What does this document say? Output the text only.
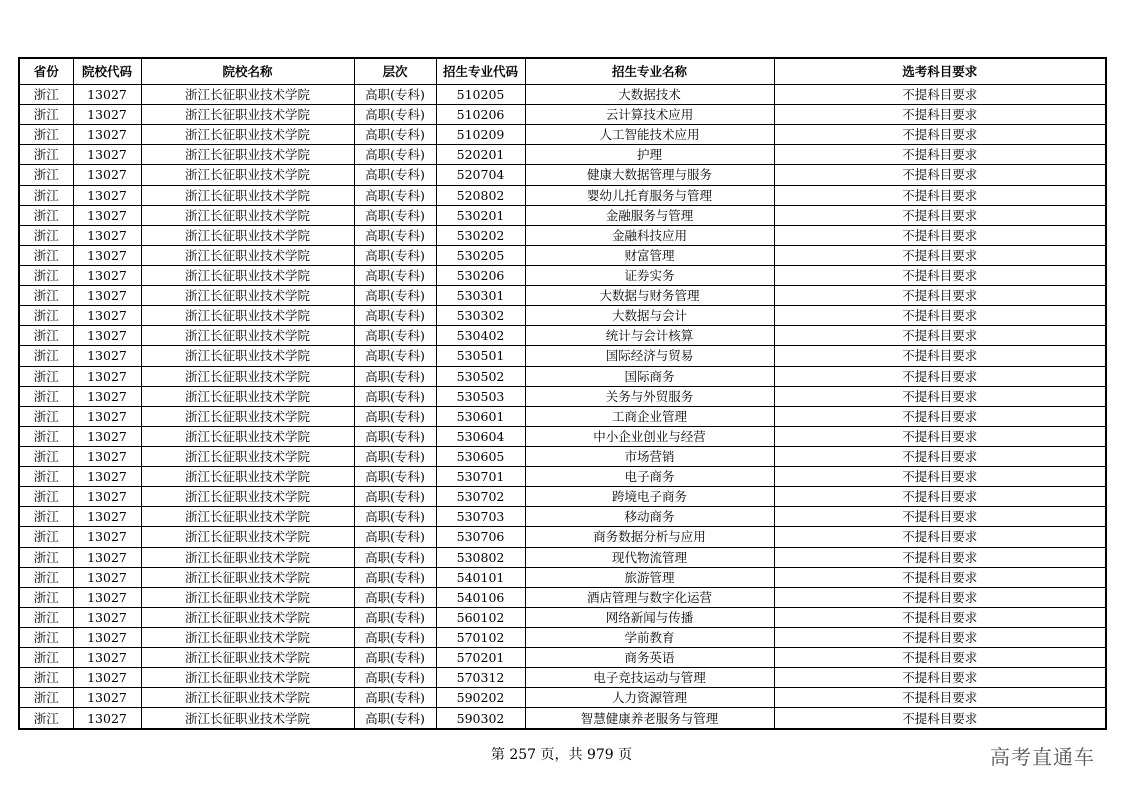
省份	院校代码	院校名称	层次	招生专业代码	招生专业名称	选考科目要求
浙江	13027	浙江长征职业技术学院	高职(专科)	510205	大数据技术	不提科目要求
浙江	13027	浙江长征职业技术学院	高职(专科)	510206	云计算技术应用	不提科目要求
浙江	13027	浙江长征职业技术学院	高职(专科)	510209	人工智能技术应用	不提科目要求
浙江	13027	浙江长征职业技术学院	高职(专科)	520201	护理	不提科目要求
浙江	13027	浙江长征职业技术学院	高职(专科)	520704	健康大数据管理与服务	不提科目要求
浙江	13027	浙江长征职业技术学院	高职(专科)	520802	婴幼儿托育服务与管理	不提科目要求
浙江	13027	浙江长征职业技术学院	高职(专科)	530201	金融服务与管理	不提科目要求
浙江	13027	浙江长征职业技术学院	高职(专科)	530202	金融科技应用	不提科目要求
浙江	13027	浙江长征职业技术学院	高职(专科)	530205	财富管理	不提科目要求
浙江	13027	浙江长征职业技术学院	高职(专科)	530206	证券实务	不提科目要求
浙江	13027	浙江长征职业技术学院	高职(专科)	530301	大数据与财务管理	不提科目要求
浙江	13027	浙江长征职业技术学院	高职(专科)	530302	大数据与会计	不提科目要求
浙江	13027	浙江长征职业技术学院	高职(专科)	530402	统计与会计核算	不提科目要求
浙江	13027	浙江长征职业技术学院	高职(专科)	530501	国际经济与贸易	不提科目要求
浙江	13027	浙江长征职业技术学院	高职(专科)	530502	国际商务	不提科目要求
浙江	13027	浙江长征职业技术学院	高职(专科)	530503	关务与外贸服务	不提科目要求
浙江	13027	浙江长征职业技术学院	高职(专科)	530601	工商企业管理	不提科目要求
浙江	13027	浙江长征职业技术学院	高职(专科)	530604	中小企业创业与经营	不提科目要求
浙江	13027	浙江长征职业技术学院	高职(专科)	530605	市场营销	不提科目要求
浙江	13027	浙江长征职业技术学院	高职(专科)	530701	电子商务	不提科目要求
浙江	13027	浙江长征职业技术学院	高职(专科)	530702	跨境电子商务	不提科目要求
浙江	13027	浙江长征职业技术学院	高职(专科)	530703	移动商务	不提科目要求
浙江	13027	浙江长征职业技术学院	高职(专科)	530706	商务数据分析与应用	不提科目要求
浙江	13027	浙江长征职业技术学院	高职(专科)	530802	现代物流管理	不提科目要求
浙江	13027	浙江长征职业技术学院	高职(专科)	540101	旅游管理	不提科目要求
浙江	13027	浙江长征职业技术学院	高职(专科)	540106	酒店管理与数字化运营	不提科目要求
浙江	13027	浙江长征职业技术学院	高职(专科)	560102	网络新闻与传播	不提科目要求
浙江	13027	浙江长征职业技术学院	高职(专科)	570102	学前教育	不提科目要求
浙江	13027	浙江长征职业技术学院	高职(专科)	570201	商务英语	不提科目要求
浙江	13027	浙江长征职业技术学院	高职(专科)	570312	电子竞技运动与管理	不提科目要求
浙江	13027	浙江长征职业技术学院	高职(专科)	590202	人力资源管理	不提科目要求
浙江	13027	浙江长征职业技术学院	高职(专科)	590302	智慧健康养老服务与管理	不提科目要求
第 257 页，共 979 页	高考直通车
